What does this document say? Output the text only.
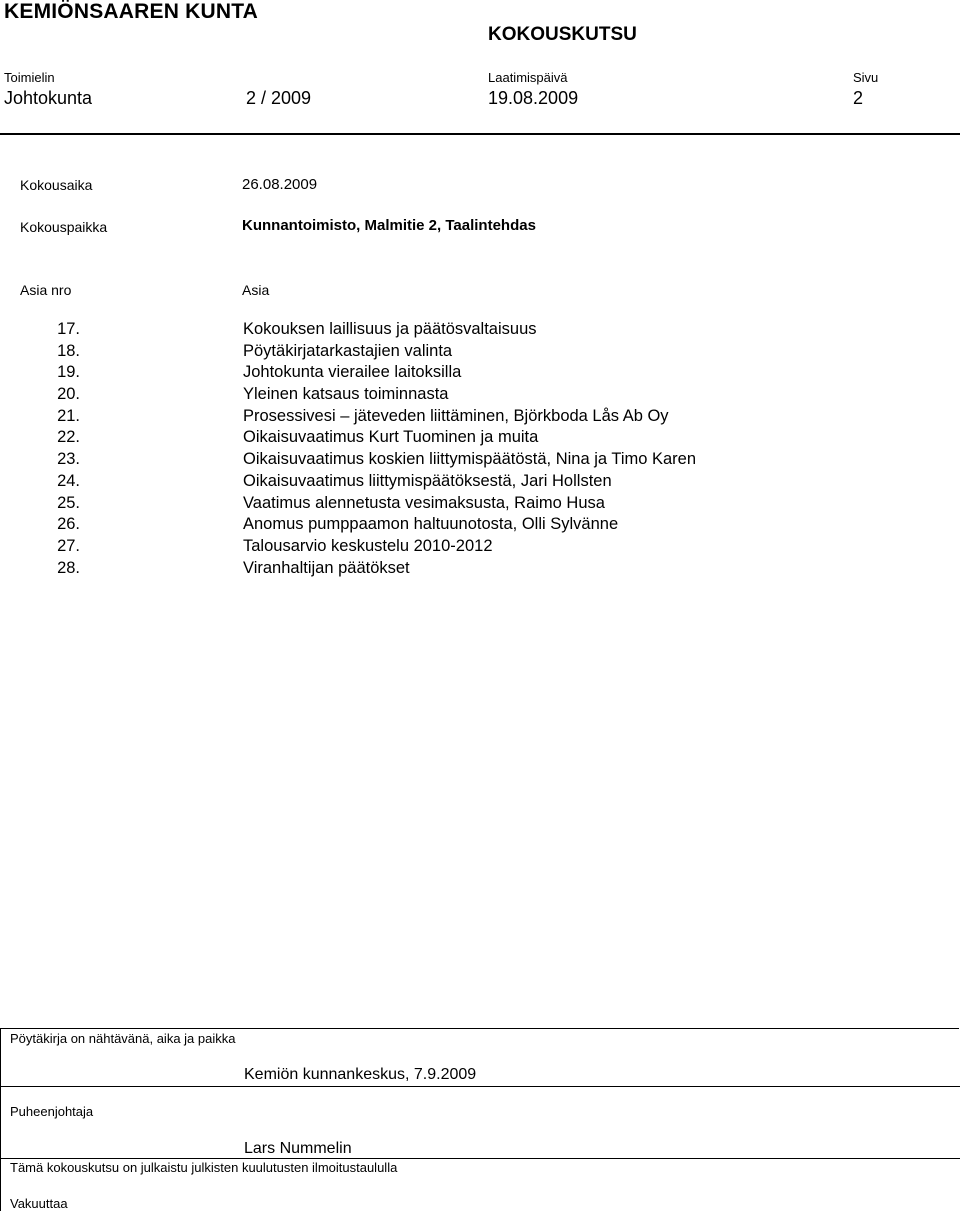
KEMIÖNSAAREN KUNTA
KOKOUSKUTSU
Toimielin
Johtokunta	2 / 2009
Laatimispäivä
19.08.2009
Sivu
2
Kokousaika	26.08.2009
Kokouspaikka	Kunnantoimisto, Malmitie 2, Taalintehdas
Asia nro	Asia
17.	Kokouksen laillisuus ja päätösvaltaisuus
18.	Pöytäkirjatarkastajien valinta
19.	Johtokunta vierailee laitoksilla
20.	Yleinen katsaus toiminnasta
21.	Prosessivesi – jäteveden liittäminen, Björkboda Lås Ab Oy
22.	Oikaisuvaatimus Kurt Tuominen ja muita
23.	Oikaisuvaatimus koskien liittymispäätöstä, Nina ja Timo Karen
24.	Oikaisuvaatimus liittymispäätöksestä, Jari Hollsten
25.	Vaatimus alennetusta vesimaksusta, Raimo Husa
26.	Anomus pumppaamon haltuunotosta, Olli Sylvänne
27.	Talousarvio keskustelu 2010-2012
28.	Viranhaltijan päätökset
Pöytäkirja on nähtävänä, aika ja paikka
Kemiön kunnankeskus, 7.9.2009
Puheenjohtaja
Lars Nummelin
Tämä kokouskutsu on julkaistu julkisten kuulutusten ilmoitustaululla
Vakuuttaa
